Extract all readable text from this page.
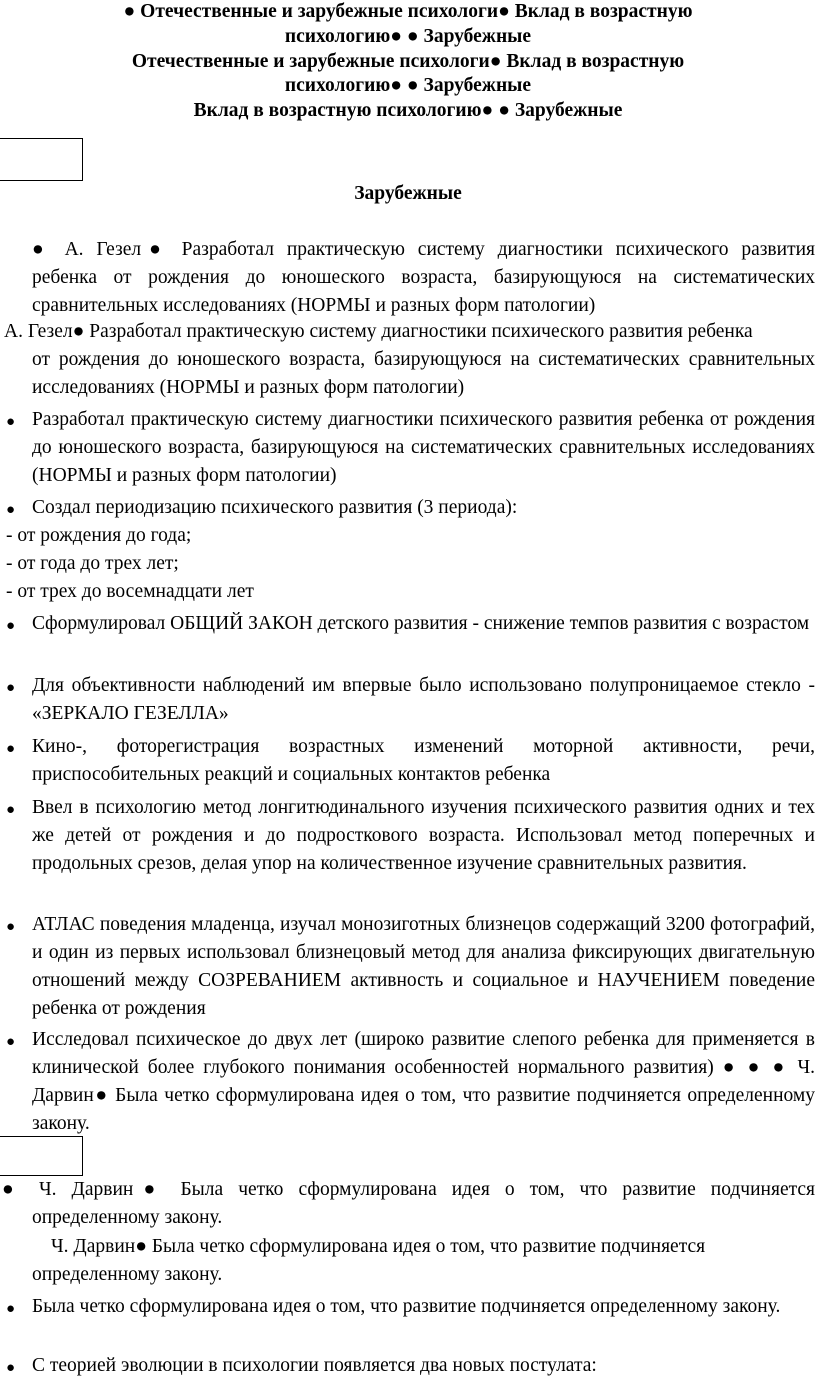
● Отечественные и зарубежные психологи● Вклад в возрастную

психологию● ● Зарубежные

Отечественные и зарубежные психологи● Вклад в возрастную

психологию● ● Зарубежные

Вклад в возрастную психологию● ● Зарубежные

Зарубежные

● А. Гезел● Разработал практическую систему диагностики психического развития

ребенка от рождения до юношеского возраста, базирующуюся на систематических

сравнительных исследованиях (НОРМЫ и разных форм патологии)

А. Гезел● Разработал практическую систему диагностики психического развития ребенка

от рождения до юношеского возраста, базирующуюся на систематических сравнительных

исследованиях (НОРМЫ и разных форм патологии)

● Разработал практическую систему диагностики психического развития ребенка от рождения до юношеского возраста, базирующуюся на систематических сравнительных исследованиях (НОРМЫ и разных форм патологии)
● Создал периодизацию психического развития (3 периода):
- от рождения до года;
- от года до трех лет;
- от трех до восемнадцати лет
● Сформулировал ОБЩИЙ ЗАКОН детского развития - снижение темпов развития с возрастом
● Для объективности наблюдений им впервые было использовано полупроницаемое стекло - «ЗЕРКАЛО ГЕЗЕЛЛА»
● Кино-, фоторегистрация возрастных изменений моторной активности, речи, приспособительных реакций и социальных контактов ребенка
● Ввел в психологию метод лонгитюдинального изучения психического развития одних и тех же детей от рождения и до подросткового возраста. Использовал метод поперечных и продольных срезов, делая упор на количественное изучение сравнительных развития.
● АТЛАС поведения младенца, изучал монозиготных близнецов содержащий 3200 фотографий, и один из первых использовал близнецовый метод для анализа фиксирующих двигательную отношений между СОЗРЕВАНИЕМ активность и социальное и НАУЧЕНИЕМ поведение ребенка от рождения
● Исследовал психическое до двух лет (широко развитие слепого ребенка для применяется в клинической более глубокого понимания особенностей нормального развития) ● ● ● Ч. Дарвин● Была четко сформулирована идея о том, что развитие подчиняется определенному закону.

● Ч. Дарвин● Была четко сформулирована идея о том, что развитие подчиняется

определенному закону.

Ч. Дарвин● Была четко сформулирована идея о том, что развитие подчиняется

определенному закону.

● Была четко сформулирована идея о том, что развитие подчиняется определенному закону.
● С теорией эволюции в психологии появляется два новых постулата:
